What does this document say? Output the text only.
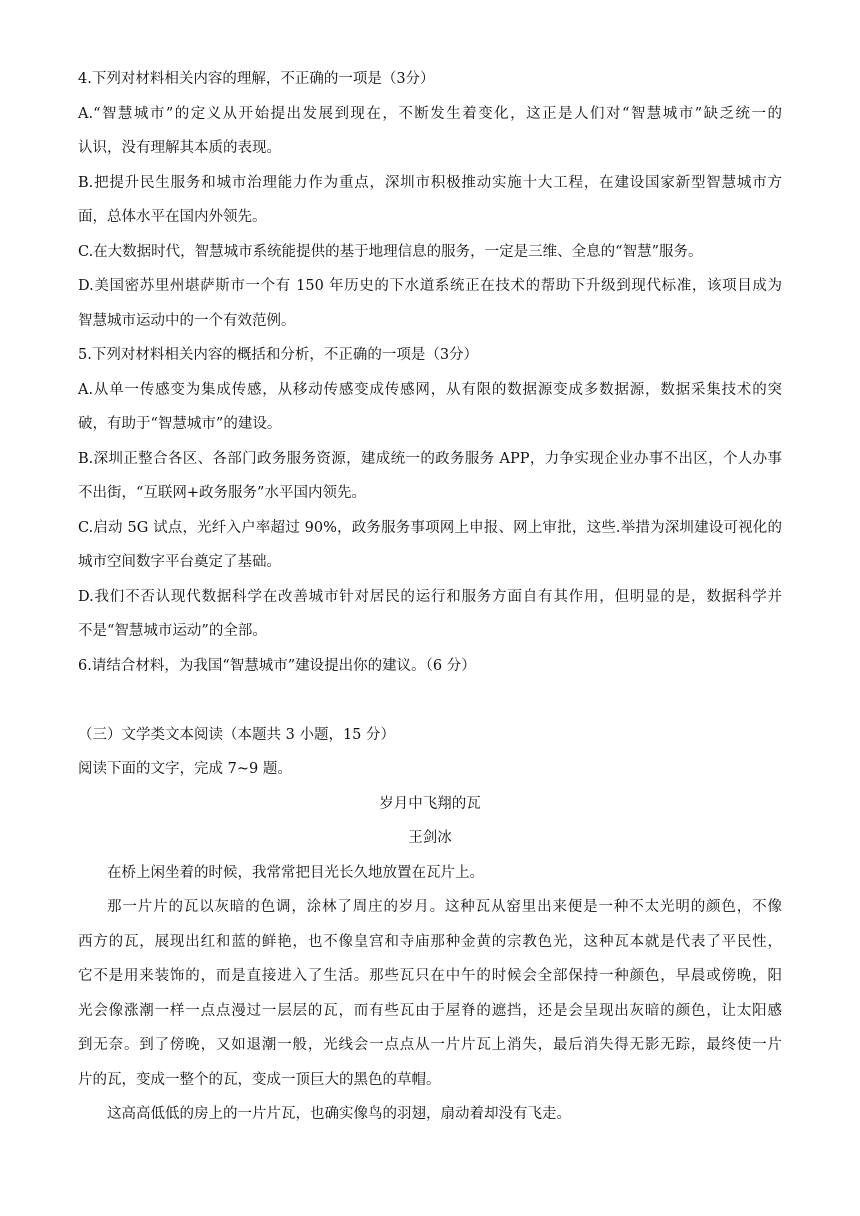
4.下列对材料相关内容的理解，不正确的一项是（3分）

A.“智慧城市”的定义从开始提出发展到现在，不断发生着变化，这正是人们对“智慧城市”缺乏统一的

认识，没有理解其本质的表现。

B.把提升民生服务和城市治理能力作为重点，深圳市积极推动实施十大工程，在建设国家新型智慧城市方

面，总体水平在国内外领先。

C.在大数据时代，智慧城市系统能提供的基于地理信息的服务，一定是三维、全息的“智慧”服务。

D.美国密苏里州堪萨斯市一个有 150 年历史的下水道系统正在技术的帮助下升级到现代标准，该项目成为

智慧城市运动中的一个有效范例。

5.下列对材料相关内容的概括和分析，不正确的一项是（3分）

A.从单一传感变为集成传感，从移动传感变成传感网，从有限的数据源变成多数据源，数据采集技术的突

破，有助于“智慧城市”的建设。

B.深圳正整合各区、各部门政务服务资源，建成统一的政务服务 APP，力争实现企业办事不出区，个人办事

不出街，“互联网+政务服务”水平国内领先。

C.启动 5G 试点，光纤入户率超过 90%，政务服务事项网上申报、网上审批，这些.举措为深圳建设可视化的

城市空间数字平台奠定了基础。

D.我们不否认现代数据科学在改善城市针对居民的运行和服务方面自有其作用，但明显的是，数据科学并

不是“智慧城市运动”的全部。

6.请结合材料，为我国“智慧城市”建设提出你的建议。（6 分）

（三）文学类文本阅读（本题共 3 小题，15 分）

阅读下面的文字，完成 7~9 题。

岁月中飞翔的瓦

王剑冰

在桥上闲坐着的时候，我常常把目光长久地放置在瓦片上。

那一片片的瓦以灰暗的色调，涂林了周庄的岁月。这种瓦从窑里出来便是一种不太光明的颜色，不像

西方的瓦，展现出红和蓝的鲜艳，也不像皇宫和寺庙那种金黄的宗教色光，这种瓦本就是代表了平民性，

它不是用来装饰的，而是直接进入了生活。那些瓦只在中午的时候会全部保持一种颜色，早晨或傍晚，阳

光会像涨潮一样一点点漫过一层层的瓦，而有些瓦由于屋脊的遮挡，还是会呈现出灰暗的颜色，让太阳感

到无奈。到了傍晚，又如退潮一般，光线会一点点从一片片瓦上消失，最后消失得无影无踪，最终使一片

片的瓦，变成一整个的瓦，变成一顶巨大的黑色的草帽。

这高高低低的房上的一片片瓦，也确实像鸟的羽翅，扇动着却没有飞走。
